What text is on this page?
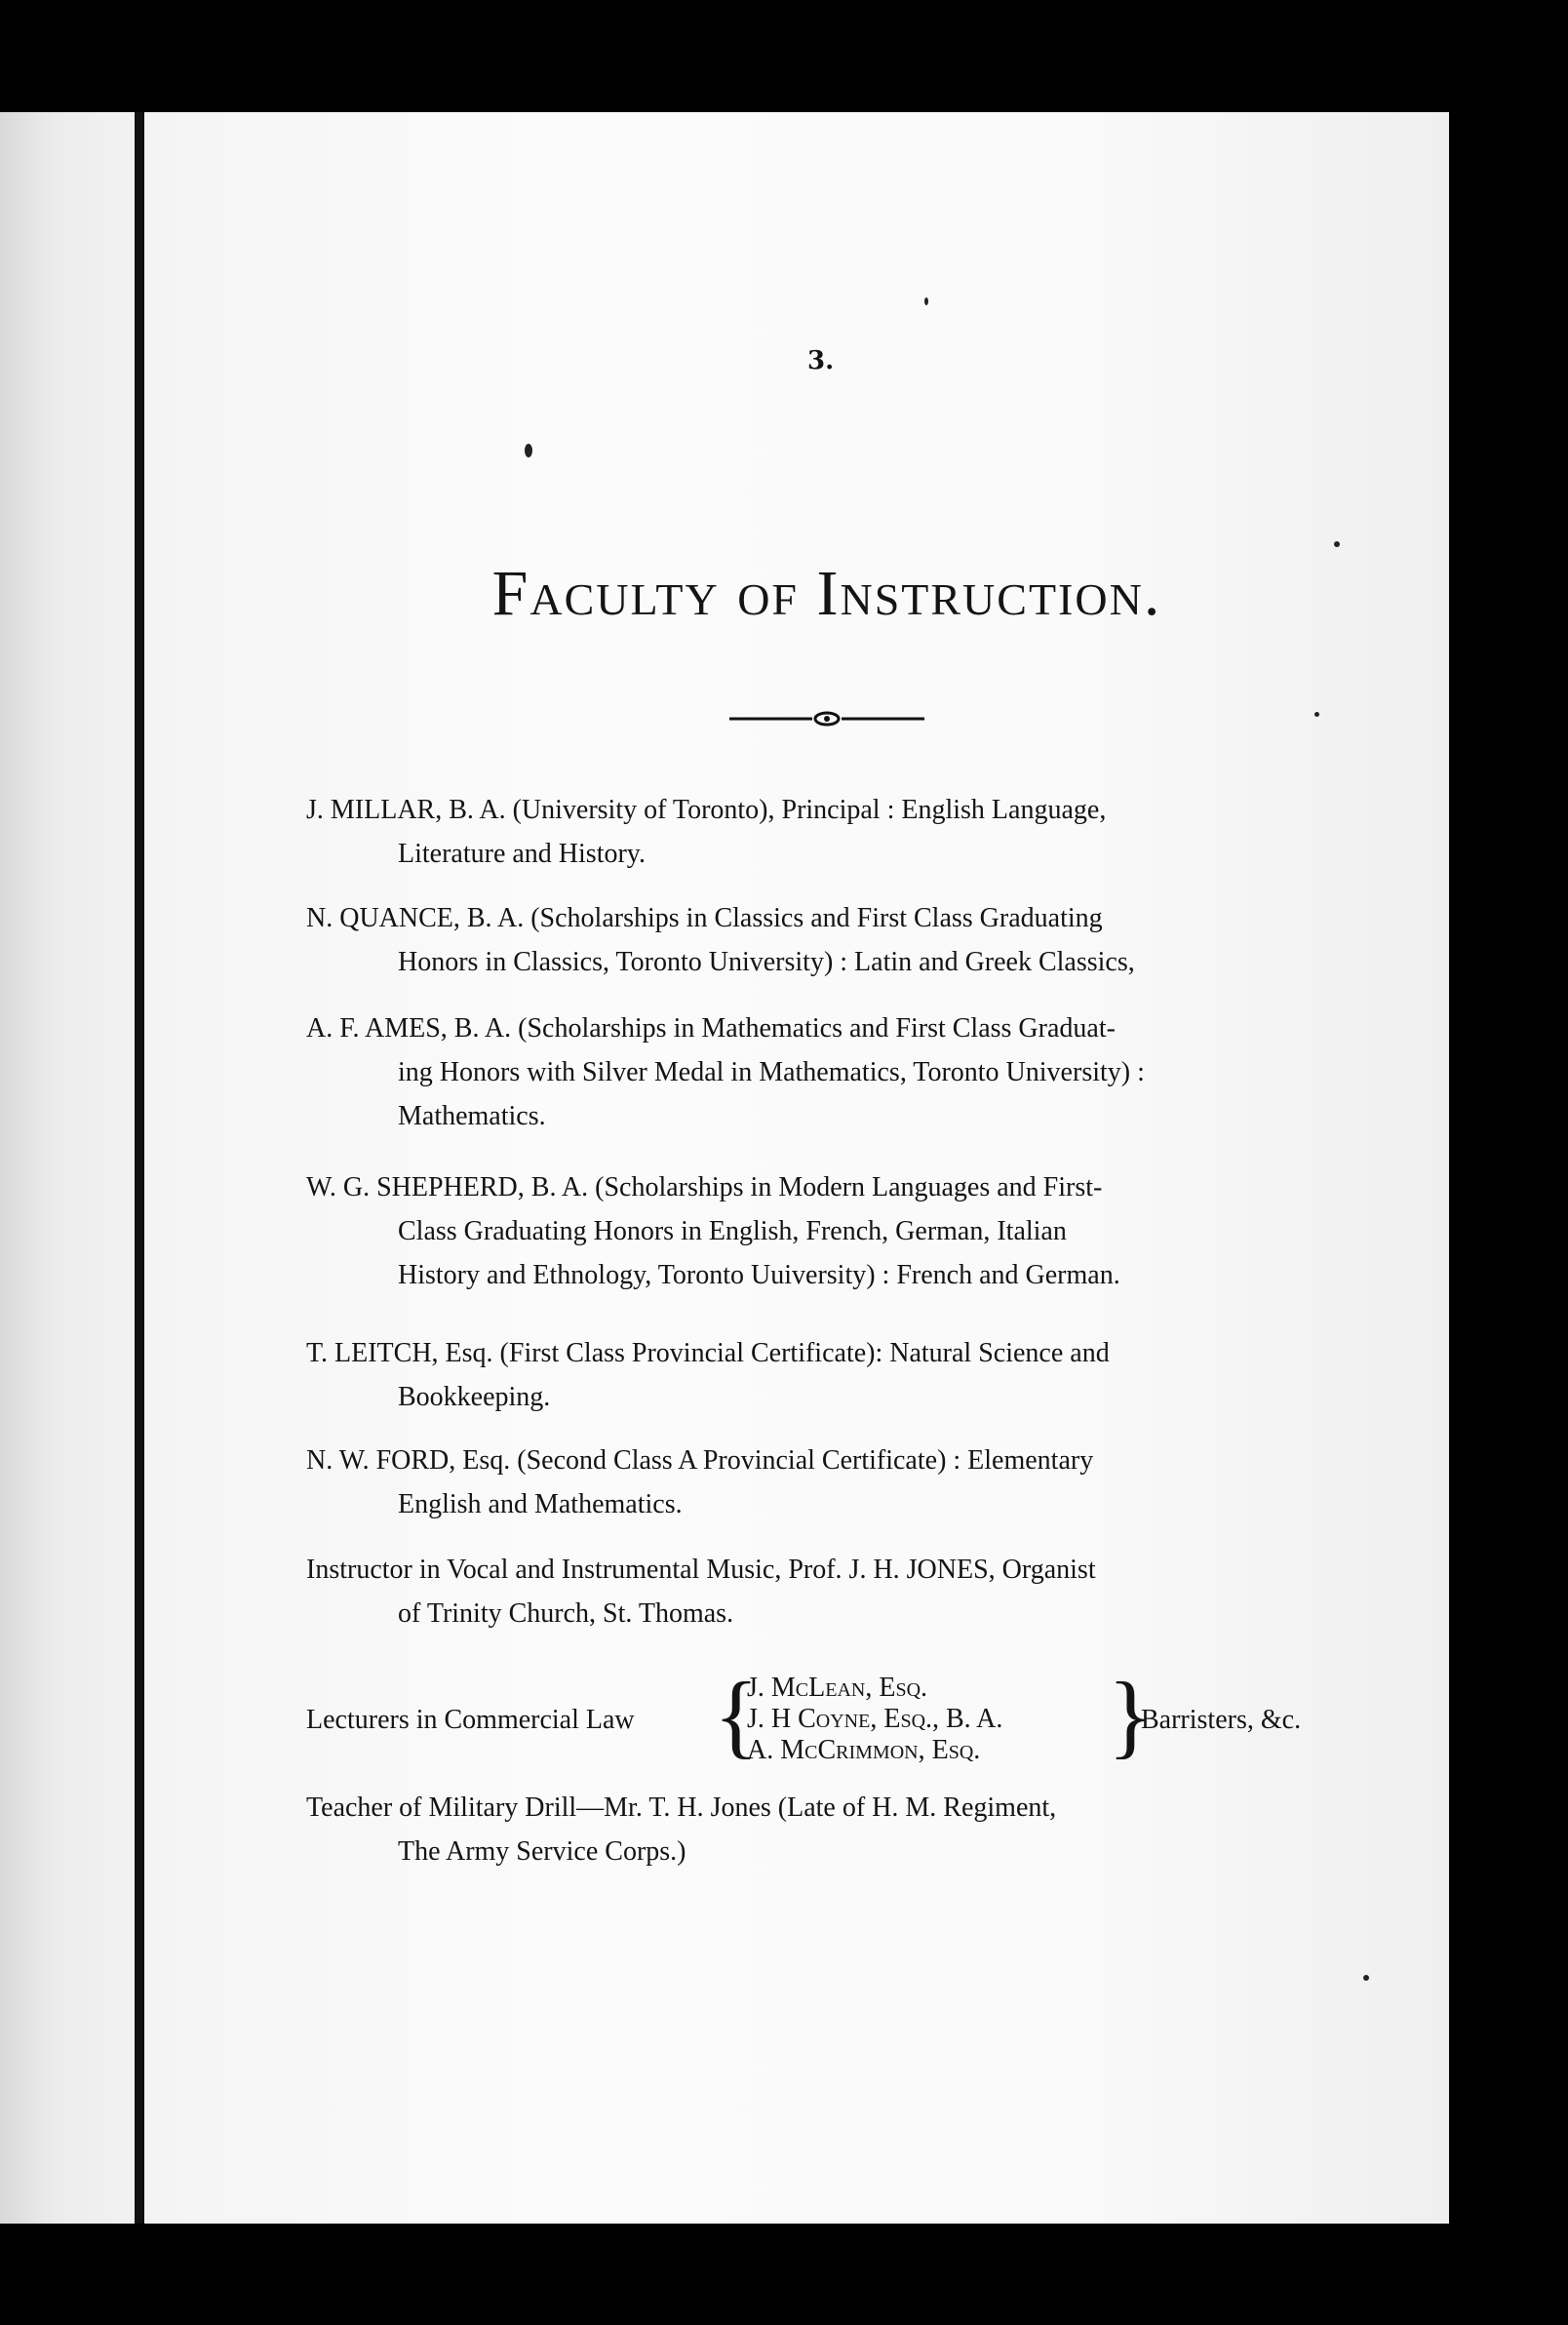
3.
Faculty of Instruction.
J. MILLAR, B. A. (University of Toronto), Principal : English Language,
Literature and History.
N. QUANCE, B. A. (Scholarships in Classics and First Class Graduating
Honors in Classics, Toronto University) : Latin and Greek Classics,
A. F. AMES, B. A. (Scholarships in Mathematics and First Class Graduat-
ing Honors with Silver Medal in Mathematics, Toronto University) :
Mathematics.
W. G. SHEPHERD, B. A. (Scholarships in Modern Languages and First-
Class Graduating Honors in English, French, German, Italian
History and Ethnology, Toronto Uuiversity) : French and German.
T. LEITCH, Esq. (First Class Provincial Certificate): Natural Science and
Bookkeeping.
N. W. FORD, Esq. (Second Class A Provincial Certificate) : Elementary
English and Mathematics.
Instructor in Vocal and Instrumental Music, Prof. J. H. JONES, Organist
of Trinity Church, St. Thomas.
Lecturers in Commercial Law {
J. McLean, Esq.
J. H Coyne, Esq., B. A.
A. McCrimmon, Esq. }
Barristers, &c.
Teacher of Military Drill—Mr. T. H. Jones (Late of H. M. Regiment,
The Army Service Corps.)
